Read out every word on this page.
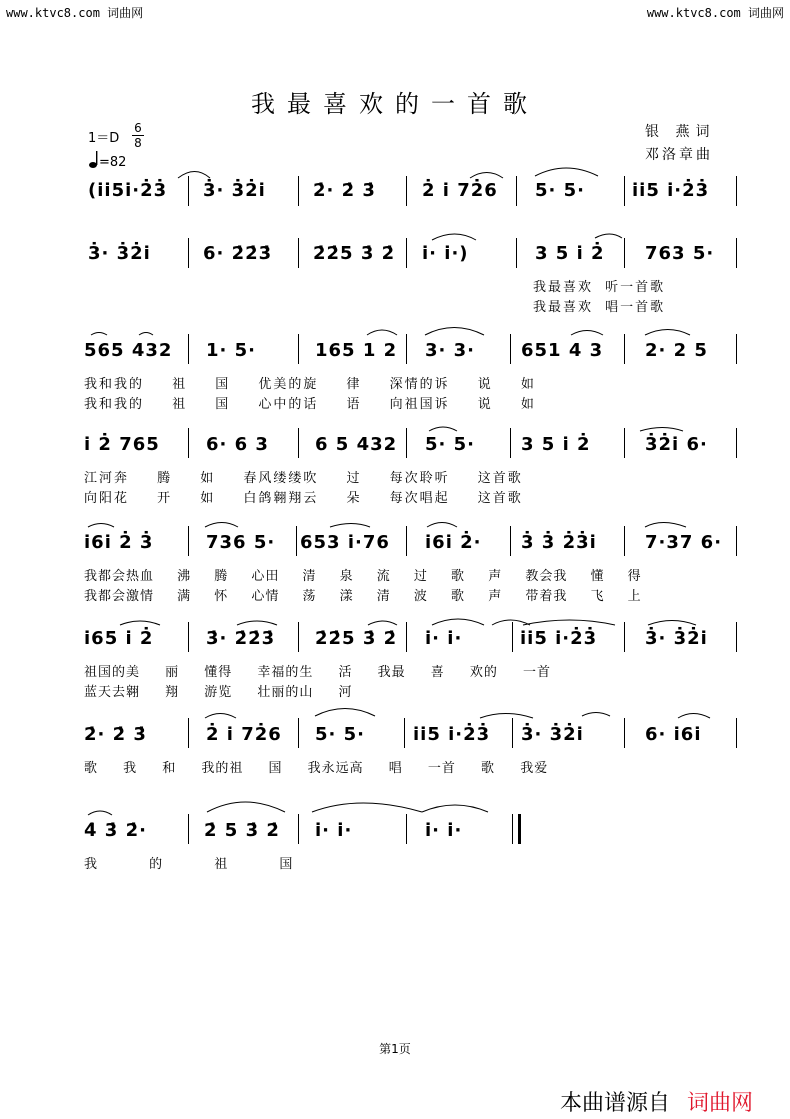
www.ktvc8.com 词曲网	www.ktvc8.com 词曲网
我最喜欢的一首歌
银 燕词
邓洛章曲
$1=D \frac{6}{8}$
=82
(i̇i̇5i̇·2̇3̇ 3̇· 3̇2̇i̇	2̇· 2̇ 3̇	2̇ i̇ 72̇6 5· 5·	i̇i̇5 i̇·2̇3̇
3̇· 3̇2̇i̇	6· 2̇2̇3̇ 2̇2̇5 3̇ 2̇ i̇· i̇·)	3 5 i̇ 2̇ 763 5·
我最喜欢 听一首歌
我最喜欢 唱一首歌
565 432 1· 5·	165 1 2 3· 3·	651 4 3 2· 2 5
我和我的 祖 国 优美的旋 律 深情的诉 说 如
我和我的 祖 国 心中的话 语 向祖国诉 说 如
i̇ 2̇ 765	6· 6 3	6 5 432 5· 5·	3 5 i̇ 2̇	3̇2̇i̇ 6·
江河奔 腾 如 春风缕缕吹 过 每次聆听 这首歌
向阳花 开 如 白鸽翱翔云 朵 每次唱起 这首歌
i̇6i̇ 2̇ 3̇	736 5· 653 i̇·76 i̇6i̇ 2̇· 3̇ 3̇ 2̇3̇i̇	7·37 6·
我都会热血 沸 腾 心田 清 泉 流 过 歌 声 教会我 懂 得
我都会激情 满 怀 心情 荡 漾 清 波 歌 声 带着我 飞 上
i̇65 i̇ 2̇	3̇· 2̇2̇3̇ 2̇2̇5 3̇ 2̇ i̇· i̇·	i̇i̇5 i̇·2̇3̇	3̇· 3̇2̇i̇
祖国的美 丽 懂得 幸福的生 活 我最 喜 欢的 一首
蓝天去翱 翔 游览 壮丽的山 河
2̇· 2̇ 3̇	2̇ i̇ 72̇6 5· 5·	i̇i̇5 i̇·2̇3̇ 3̇· 3̇2̇i̇	6· i̇6i̇
歌 我 和 我的祖 国 我永远高 唱 一首 歌 我爱
4̇ 3̇ 2̇·	2̇ 5 3̇ 2̇ i̇· i̇·	i̇· i̇·
我 的 祖 国
第1页
本曲谱源自 词曲网
